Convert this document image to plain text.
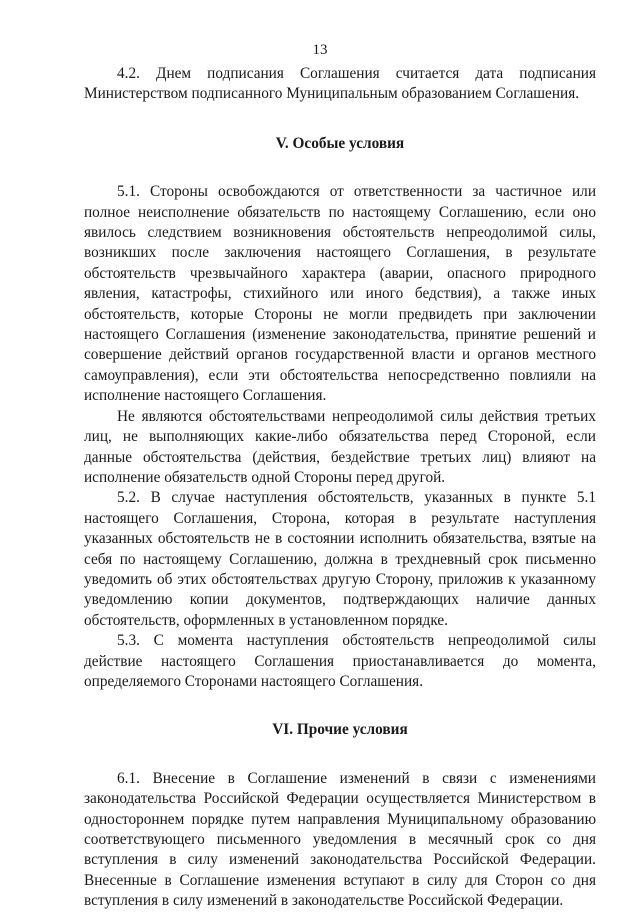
13

4.2. Днем подписания Соглашения считается дата подписания Министерством подписанного Муниципальным образованием Соглашения.

V. Особые условия

5.1. Стороны освобождаются от ответственности за частичное или полное неисполнение обязательств по настоящему Соглашению, если оно явилось следствием возникновения обстоятельств непреодолимой силы, возникших после заключения настоящего Соглашения, в результате обстоятельств чрезвычайного характера (аварии, опасного природного явления, катастрофы, стихийного или иного бедствия), а также иных обстоятельств, которые Стороны не могли предвидеть при заключении настоящего Соглашения (изменение законодательства, принятие решений и совершение действий органов государственной власти и органов местного самоуправления), если эти обстоятельства непосредственно повлияли на исполнение настоящего Соглашения.

Не являются обстоятельствами непреодолимой силы действия третьих лиц, не выполняющих какие-либо обязательства перед Стороной, если данные обстоятельства (действия, бездействие третьих лиц) влияют на исполнение обязательств одной Стороны перед другой.

5.2. В случае наступления обстоятельств, указанных в пункте 5.1 настоящего Соглашения, Сторона, которая в результате наступления указанных обстоятельств не в состоянии исполнить обязательства, взятые на себя по настоящему Соглашению, должна в трехдневный срок письменно уведомить об этих обстоятельствах другую Сторону, приложив к указанному уведомлению копии документов, подтверждающих наличие данных обстоятельств, оформленных в установленном порядке.

5.3. С момента наступления обстоятельств непреодолимой силы действие настоящего Соглашения приостанавливается до момента, определяемого Сторонами настоящего Соглашения.

VI. Прочие условия

6.1. Внесение в Соглашение изменений в связи с изменениями законодательства Российской Федерации осуществляется Министерством в одностороннем порядке путем направления Муниципальному образованию соответствующего письменного уведомления в месячный срок со дня вступления в силу изменений законодательства Российской Федерации. Внесенные в Соглашение изменения вступают в силу для Сторон со дня вступления в силу изменений в законодательстве Российской Федерации.
